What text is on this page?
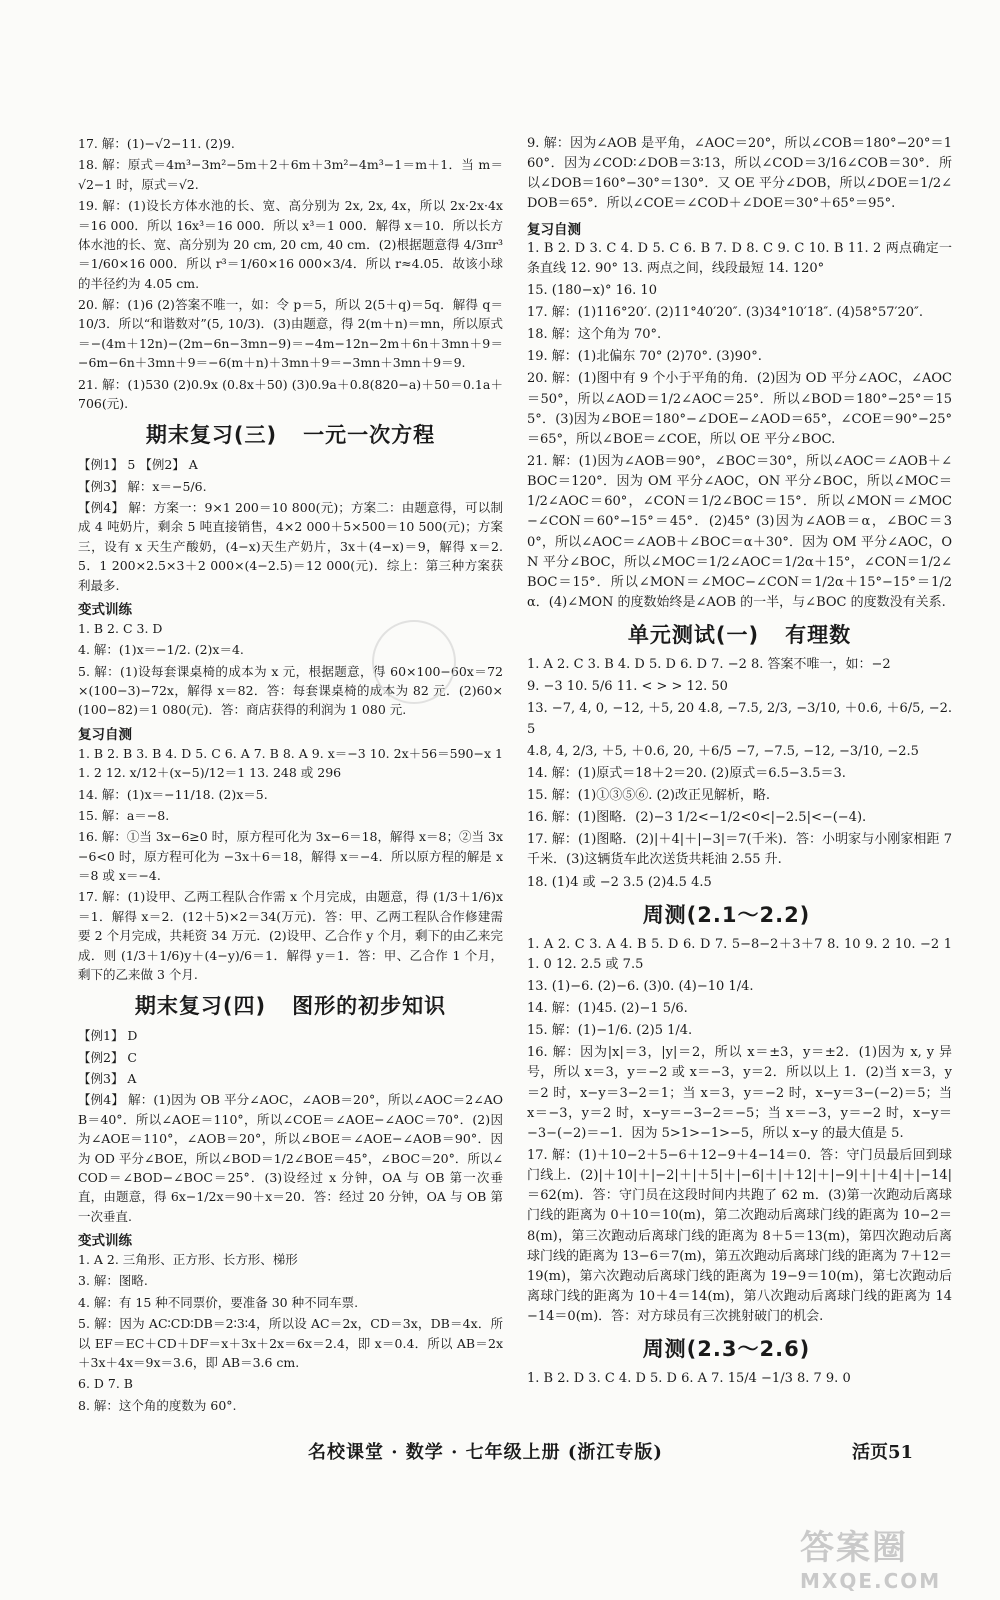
17. 解：(1)−√2−11. (2)9.

18. 解：原式＝4m³−3m²−5m＋2＋6m＋3m²−4m³−1＝m＋1．当 m＝√2−1 时，原式＝√2.

19. 解：(1)设长方体水池的长、宽、高分别为 2x, 2x, 4x，所以 2x·2x·4x＝16 000．所以 16x³＝16 000．所以 x³＝1 000．解得 x＝10．所以长方体水池的长、宽、高分别为 20 cm, 20 cm, 40 cm．(2)根据题意得 4/3πr³＝1/60×16 000．所以 r³＝1/60×16 000×3/4．所以 r≈4.05．故该小球的半径约为 4.05 cm.

20. 解：(1)6 (2)答案不唯一，如：令 p＝5，所以 2(5＋q)＝5q．解得 q＝10/3．所以“和谐数对”(5, 10/3)．(3)由题意，得 2(m＋n)＝mn，所以原式＝−(4m＋12n)−(2m−6n−3mn−9)＝−4m−12n−2m＋6n＋3mn＋9＝−6m−6n＋3mn＋9＝−6(m＋n)＋3mn＋9＝−3mn＋3mn＋9＝9.

21. 解：(1)530 (2)0.9x (0.8x＋50) (3)0.9a＋0.8(820−a)＋50＝0.1a＋706(元).

期末复习(三) 一元一次方程

【例1】 5 【例2】 A

【例3】 解：x＝−5/6.

【例4】 解：方案一：9×1 200＝10 800(元)；方案二：由题意得，可以制成 4 吨奶片，剩余 5 吨直接销售，4×2 000＋5×500＝10 500(元)；方案三，设有 x 天生产酸奶，(4−x)天生产奶片，3x＋(4−x)＝9，解得 x＝2.5．1 200×2.5×3＋2 000×(4−2.5)＝12 000(元)．综上：第三种方案获利最多.

变式训练

1. B 2. C 3. D

4. 解：(1)x＝−1/2. (2)x＝4.

5. 解：(1)设每套课桌椅的成本为 x 元，根据题意，得 60×100−60x＝72×(100−3)−72x，解得 x＝82．答：每套课桌椅的成本为 82 元．(2)60×(100−82)＝1 080(元)．答：商店获得的利润为 1 080 元.

复习自测

1. B 2. B 3. B 4. D 5. C 6. A 7. B 8. A 9. x＝−3 10. 2x＋56＝590−x 11. 2 12. x/12＋(x−5)/12＝1 13. 248 或 296

14. 解：(1)x＝−11/18. (2)x＝5.

15. 解：a＝−8.

16. 解：①当 3x−6≥0 时，原方程可化为 3x−6＝18，解得 x＝8；②当 3x−6<0 时，原方程可化为 −3x＋6＝18，解得 x＝−4．所以原方程的解是 x＝8 或 x＝−4.

17. 解：(1)设甲、乙两工程队合作需 x 个月完成，由题意，得 (1/3＋1/6)x＝1．解得 x＝2．(12＋5)×2＝34(万元)．答：甲、乙两工程队合作修建需要 2 个月完成，共耗资 34 万元．(2)设甲、乙合作 y 个月，剩下的由乙来完成．则 (1/3＋1/6)y＋(4−y)/6＝1．解得 y＝1．答：甲、乙合作 1 个月，剩下的乙来做 3 个月.

期末复习(四) 图形的初步知识

【例1】 D

【例2】 C

【例3】 A

【例4】 解：(1)因为 OB 平分∠AOC，∠AOB＝20°，所以∠AOC＝2∠AOB＝40°．所以∠AOE＝110°，所以∠COE＝∠AOE−∠AOC＝70°．(2)因为∠AOE＝110°，∠AOB＝20°，所以∠BOE＝∠AOE−∠AOB＝90°．因为 OD 平分∠BOE，所以∠BOD＝1/2∠BOE＝45°，∠BOC＝20°．所以∠COD＝∠BOD−∠BOC＝25°．(3)设经过 x 分钟，OA 与 OB 第一次垂直，由题意，得 6x−1/2x＝90＋x＝20．答：经过 20 分钟，OA 与 OB 第一次垂直.

变式训练

1. A 2. 三角形、正方形、长方形、梯形

3. 解：图略.

4. 解：有 15 种不同票价，要准备 30 种不同车票.

5. 解：因为 AC∶CD∶DB＝2∶3∶4，所以设 AC＝2x，CD＝3x，DB＝4x．所以 EF＝EC＋CD＋DF＝x＋3x＋2x＝6x＝2.4，即 x＝0.4．所以 AB＝2x＋3x＋4x＝9x＝3.6，即 AB＝3.6 cm.

6. D 7. B

8. 解：这个角的度数为 60°.

9. 解：因为∠AOB 是平角，∠AOC＝20°，所以∠COB＝180°−20°＝160°．因为∠COD∶∠DOB＝3∶13，所以∠COD＝3/16∠COB＝30°．所以∠DOB＝160°−30°＝130°．又 OE 平分∠DOB，所以∠DOE＝1/2∠DOB＝65°．所以∠COE＝∠COD＋∠DOE＝30°＋65°＝95°.

复习自测

1. B 2. D 3. C 4. D 5. C 6. B 7. D 8. C 9. C 10. B 11. 2 两点确定一条直线 12. 90° 13. 两点之间，线段最短 14. 120°

15. (180−x)° 16. 10

17. 解：(1)116°20′. (2)11°40′20″. (3)34°10′18″. (4)58°57′20″.

18. 解：这个角为 70°.

19. 解：(1)北偏东 70° (2)70°. (3)90°.

20. 解：(1)图中有 9 个小于平角的角．(2)因为 OD 平分∠AOC，∠AOC＝50°，所以∠AOD＝1/2∠AOC＝25°．所以∠BOD＝180°−25°＝155°．(3)因为∠BOE＝180°−∠DOE−∠AOD＝65°，∠COE＝90°−25°＝65°，所以∠BOE＝∠COE，所以 OE 平分∠BOC.

21. 解：(1)因为∠AOB＝90°，∠BOC＝30°，所以∠AOC＝∠AOB＋∠BOC＝120°．因为 OM 平分∠AOC，ON 平分∠BOC，所以∠MOC＝1/2∠AOC＝60°，∠CON＝1/2∠BOC＝15°．所以∠MON＝∠MOC−∠CON＝60°−15°＝45°．(2)45° (3)因为∠AOB＝α，∠BOC＝30°，所以∠AOC＝∠AOB＋∠BOC＝α＋30°．因为 OM 平分∠AOC，ON 平分∠BOC，所以∠MOC＝1/2∠AOC＝1/2α＋15°，∠CON＝1/2∠BOC＝15°．所以∠MON＝∠MOC−∠CON＝1/2α＋15°−15°＝1/2α．(4)∠MON 的度数始终是∠AOB 的一半，与∠BOC 的度数没有关系.

单元测试(一) 有理数

1. A 2. C 3. B 4. D 5. D 6. D 7. −2 8. 答案不唯一，如：−2

9. −3 10. 5/6 11. < > > 12. 50

13. −7, 4, 0, −12, ＋5, 20 4.8, −7.5, 2/3, −3/10, ＋0.6, ＋6/5, −2.5

4.8, 4, 2/3, ＋5, ＋0.6, 20, ＋6/5 −7, −7.5, −12, −3/10, −2.5

14. 解：(1)原式＝18＋2＝20. (2)原式＝6.5−3.5＝3.

15. 解：(1)①③⑤⑥. (2)改正见解析，略.

16. 解：(1)图略．(2)−3 1/2<−1/2<0<|−2.5|<−(−4).

17. 解：(1)图略．(2)|＋4|＋|−3|＝7(千米)．答：小明家与小刚家相距 7 千米．(3)这辆货车此次送货共耗油 2.55 升.

18. (1)4 或 −2 3.5 (2)4.5 4.5

周测(2.1～2.2)

1. A 2. C 3. A 4. B 5. D 6. D 7. 5−8−2＋3＋7 8. 10 9. 2 10. −2 11. 0 12. 2.5 或 7.5

13. (1)−6. (2)−6. (3)0. (4)−10 1/4.

14. 解：(1)45. (2)−1 5/6.

15. 解：(1)−1/6. (2)5 1/4.

16. 解：因为|x|＝3，|y|＝2，所以 x＝±3，y＝±2．(1)因为 x, y 异号，所以 x＝3，y＝−2 或 x＝−3，y＝2．所以以上 1．(2)当 x＝3，y＝2 时，x−y＝3−2＝1；当 x＝3，y＝−2 时，x−y＝3−(−2)＝5；当 x＝−3，y＝2 时，x−y＝−3−2＝−5；当 x＝−3，y＝−2 时，x−y＝−3−(−2)＝−1．因为 5>1>−1>−5，所以 x−y 的最大值是 5.

17. 解：(1)＋10−2＋5−6＋12−9＋4−14＝0．答：守门员最后回到球门线上．(2)|＋10|＋|−2|＋|＋5|＋|−6|＋|＋12|＋|−9|＋|＋4|＋|−14|＝62(m)．答：守门员在这段时间内共跑了 62 m．(3)第一次跑动后离球门线的距离为 0＋10＝10(m)，第二次跑动后离球门线的距离为 10−2＝8(m)，第三次跑动后离球门线的距离为 8＋5＝13(m)，第四次跑动后离球门线的距离为 13−6＝7(m)，第五次跑动后离球门线的距离为 7＋12＝19(m)，第六次跑动后离球门线的距离为 19−9＝10(m)，第七次跑动后离球门线的距离为 10＋4＝14(m)，第八次跑动后离球门线的距离为 14−14＝0(m)．答：对方球员有三次挑射破门的机会.

周测(2.3～2.6)

1. B 2. D 3. C 4. D 5. D 6. A 7. 15/4 −1/3 8. 7 9. 0

名校课堂 · 数学 · 七年级上册 (浙江专版)	活页51
答案圈
MXQE.COM
